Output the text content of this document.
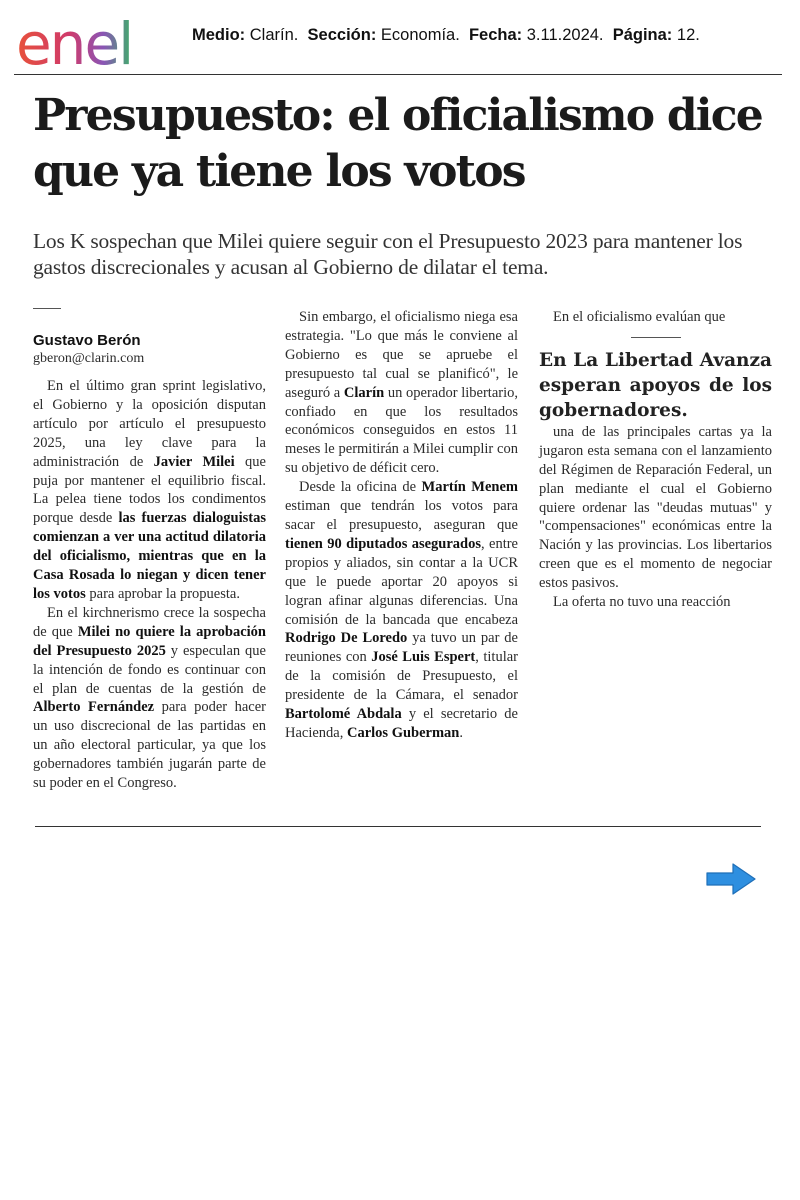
enel	Medio: Clarín. Sección: Economía. Fecha: 3.11.2024. Página: 12.
Presupuesto: el oficialismo dice que ya tiene los votos

Los K sospechan que Milei quiere seguir con el Presupuesto 2023 para mantener los gastos discrecionales y acusan al Gobierno de dilatar el tema.

Gustavo Berón
gberon@clarin.com

En el último gran sprint legislativo, el Gobierno y la oposición disputan artículo por artículo el presupuesto 2025, una ley clave para la administración de Javier Milei que puja por mantener el equilibrio fiscal. La pelea tiene todos los condimentos porque desde las fuerzas dialoguistas comienzan a ver una actitud dilatoria del oficialismo, mientras que en la Casa Rosada lo niegan y dicen tener los votos para aprobar la propuesta.

En el kirchnerismo crece la sospecha de que Milei no quiere la aprobación del Presupuesto 2025 y especulan que la intención de fondo es continuar con el plan de cuentas de la gestión de Alberto Fernández para poder hacer un uso discrecional de las partidas en un año electoral particular, ya que los gobernadores también jugarán parte de su poder en el Congreso.

Sin embargo, el oficialismo niega esa estrategia. "Lo que más le conviene al Gobierno es que se apruebe el presupuesto tal cual se planificó", le aseguró a Clarín un operador libertario, confiado en que los resultados económicos conseguidos en estos 11 meses le permitirán a Milei cumplir con su objetivo de déficit cero.

Desde la oficina de Martín Menem estiman que tendrán los votos para sacar el presupuesto, aseguran que tienen 90 diputados asegurados, entre propios y aliados, sin contar a la UCR que le puede aportar 20 apoyos si logran afinar algunas diferencias. Una comisión de la bancada que encabeza Rodrigo De Loredo ya tuvo un par de reuniones con José Luis Espert, titular de la comisión de Presupuesto, el presidente de la Cámara, el senador Bartolomé Abdala y el secretario de Hacienda, Carlos Guberman.

En el oficialismo evalúan que

En La Libertad Avanza esperan apoyos de los gobernadores.

una de las principales cartas ya la jugaron esta semana con el lanzamiento del Régimen de Reparación Federal, un plan mediante el cual el Gobierno quiere ordenar las "deudas mutuas" y "compensaciones" económicas entre la Nación y las provincias. Los libertarios creen que es el momento de negociar estos pasivos.

La oferta no tuvo una reacción
